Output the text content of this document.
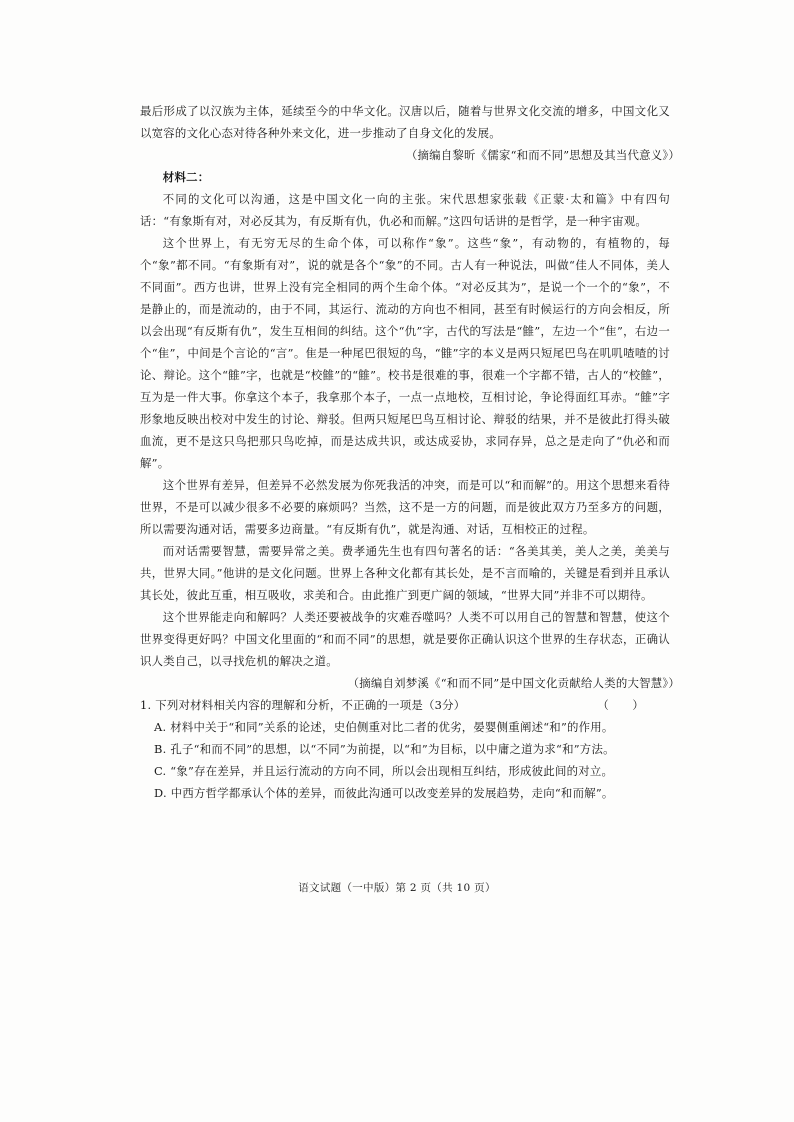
最后形成了以汉族为主体，延续至今的中华文化。汉唐以后，随着与世界文化交流的增多，中国文化又以宽容的文化心态对待各种外来文化，进一步推动了自身文化的发展。

（摘编自黎昕《儒家“和而不同”思想及其当代意义》）

材料二：

不同的文化可以沟通，这是中国文化一向的主张。宋代思想家张载《正蒙·太和篇》中有四句话：“有象斯有对，对必反其为，有反斯有仇，仇必和而解。”这四句话讲的是哲学，是一种宇宙观。

这个世界上，有无穷无尽的生命个体，可以称作“象”。这些“象”，有动物的，有植物的，每个“象”都不同。“有象斯有对”，说的就是各个“象”的不同。古人有一种说法，叫做“佳人不同体，美人不同面”。西方也讲，世界上没有完全相同的两个生命个体。“对必反其为”，是说一个一个的“象”，不是静止的，而是流动的，由于不同，其运行、流动的方向也不相同，甚至有时候运行的方向会相反，所以会出现“有反斯有仇”，发生互相间的纠结。这个“仇”字，古代的写法是“雔”，左边一个“隹”，右边一个“隹”，中间是个言论的“言”。隹是一种尾巴很短的鸟，“雔”字的本义是两只短尾巴鸟在叽叽喳喳的讨论、辩论。这个“雔”字，也就是“校雔”的“雔”。校书是很难的事，很难一个字都不错，古人的“校雔”，互为是一件大事。你拿这个本子，我拿那个本子，一点一点地校，互相讨论，争论得面红耳赤。“雔”字形象地反映出校对中发生的讨论、辩驳。但两只短尾巴鸟互相讨论、辩驳的结果，并不是彼此打得头破血流，更不是这只鸟把那只鸟吃掉，而是达成共识，或达成妥协，求同存异，总之是走向了“仇必和而解”。

这个世界有差异，但差异不必然发展为你死我活的冲突，而是可以“和而解”的。用这个思想来看待世界，不是可以减少很多不必要的麻烦吗？当然，这不是一方的问题，而是彼此双方乃至多方的问题，所以需要沟通对话，需要多边商量。“有反斯有仇”，就是沟通、对话，互相校正的过程。

而对话需要智慧，需要异常之美。费孝通先生也有四句著名的话：“各美其美，美人之美，美美与共，世界大同。”他讲的是文化问题。世界上各种文化都有其长处，是不言而喻的，关键是看到并且承认其长处，彼此互重，相互吸收，求美和合。由此推广到更广阔的领域，“世界大同”并非不可以期待。

这个世界能走向和解吗？人类还要被战争的灾难吞噬吗？人类不可以用自己的智慧和智慧，使这个世界变得更好吗？中国文化里面的“和而不同”的思想，就是要你正确认识这个世界的生存状态，正确认识人类自己，以寻找危机的解决之道。

（摘编自刘梦溪《“和而不同”是中国文化贡献给人类的大智慧》）

1. 下列对材料相关内容的理解和分析，不正确的一项是（3分）	（　　）

A. 材料中关于“和同”关系的论述，史伯侧重对比二者的优劣，晏婴侧重阐述“和”的作用。

B. 孔子“和而不同”的思想，以“不同”为前提，以“和”为目标，以中庸之道为求“和”方法。

C. “象”存在差异，并且运行流动的方向不同，所以会出现相互纠结，形成彼此间的对立。

D. 中西方哲学都承认个体的差异，而彼此沟通可以改变差异的发展趋势，走向“和而解”。

语文试题（一中版）第 2 页（共 10 页）
